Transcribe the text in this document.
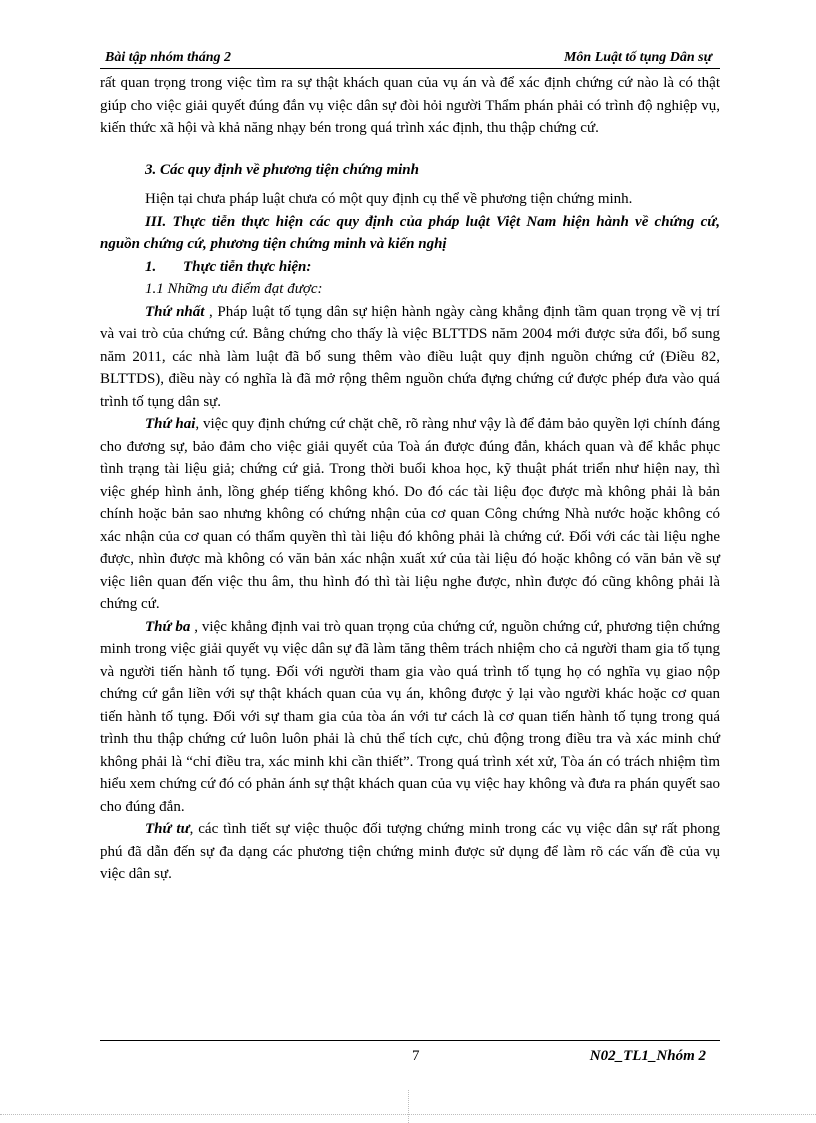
Bài tập nhóm tháng 2	Môn Luật tố tụng Dân sự

rất quan trọng trong việc tìm ra sự thật khách quan của vụ án và để xác định chứng cứ nào là có thật giúp cho việc giải quyết đúng đắn vụ việc dân sự đòi hỏi người Thẩm phán phải có trình độ nghiệp vụ, kiến thức xã hội và khả năng nhạy bén trong quá trình xác định, thu thập chứng cứ.

3. Các quy định về phương tiện chứng minh

Hiện tại chưa pháp luật chưa có một quy định cụ thể về phương tiện chứng minh.

III. Thực tiễn thực hiện các quy định của pháp luật Việt Nam hiện hành về chứng cứ, nguồn chứng cứ, phương tiện chứng minh và kiến nghị

1. Thực tiễn thực hiện:

1.1 Những ưu điểm đạt được:

Thứ nhất , Pháp luật tố tụng dân sự hiện hành ngày càng khẳng định tầm quan trọng về vị trí và vai trò của chứng cứ. Bằng chứng cho thấy là việc BLTTDS năm 2004 mới được sửa đổi, bổ sung năm 2011, các nhà làm luật đã bổ sung thêm vào điều luật quy định nguồn chứng cứ (Điều 82, BLTTDS), điều này có nghĩa là đã mở rộng thêm nguồn chứa đựng chứng cứ được phép đưa vào quá trình tố tụng dân sự.

Thứ hai, việc quy định chứng cứ chặt chẽ, rõ ràng như vậy là để đảm bảo quyền lợi chính đáng cho đương sự, bảo đảm cho việc giải quyết của Toà án được đúng đắn, khách quan và để khắc phục tình trạng tài liệu giả; chứng cứ giả. Trong thời buổi khoa học, kỹ thuật phát triển như hiện nay, thì việc ghép hình ảnh, lồng ghép tiếng không khó. Do đó các tài liệu đọc được mà không phải là bản chính hoặc bản sao nhưng không có chứng nhận của cơ quan Công chứng Nhà nước hoặc không có xác nhận của cơ quan có thẩm quyền thì tài liệu đó không phải là chứng cứ. Đối với các tài liệu nghe được, nhìn được mà không có văn bản xác nhận xuất xứ của tài liệu đó hoặc không có văn bản về sự việc liên quan đến việc thu âm, thu hình đó thì tài liệu nghe được, nhìn được đó cũng không phải là chứng cứ.

Thứ ba , việc khẳng định vai trò quan trọng của chứng cứ, nguồn chứng cứ, phương tiện chứng minh trong việc giải quyết vụ việc dân sự đã làm tăng thêm trách nhiệm cho cả người tham gia tố tụng và người tiến hành tố tụng. Đối với người tham gia vào quá trình tố tụng họ có nghĩa vụ giao nộp chứng cứ gắn liền với sự thật khách quan của vụ án, không được ỷ lại vào người khác hoặc cơ quan tiến hành tố tụng. Đối với sự tham gia của tòa án với tư cách là cơ quan tiến hành tố tụng trong quá trình thu thập chứng cứ luôn luôn phải là chủ thể tích cực, chủ động trong điều tra và xác minh chứ không phải là “chỉ điều tra, xác minh khi cần thiết”. Trong quá trình xét xử, Tòa án có trách nhiệm tìm hiểu xem chứng cứ đó có phản ánh sự thật khách quan của vụ việc hay không và đưa ra phán quyết sao cho đúng đắn.

Thứ tư, các tình tiết sự việc thuộc đối tượng chứng minh trong các vụ việc dân sự rất phong phú đã dẫn đến sự đa dạng các phương tiện chứng minh được sử dụng để làm rõ các vấn đề của vụ việc dân sự.

7	N02_TL1_Nhóm 2
